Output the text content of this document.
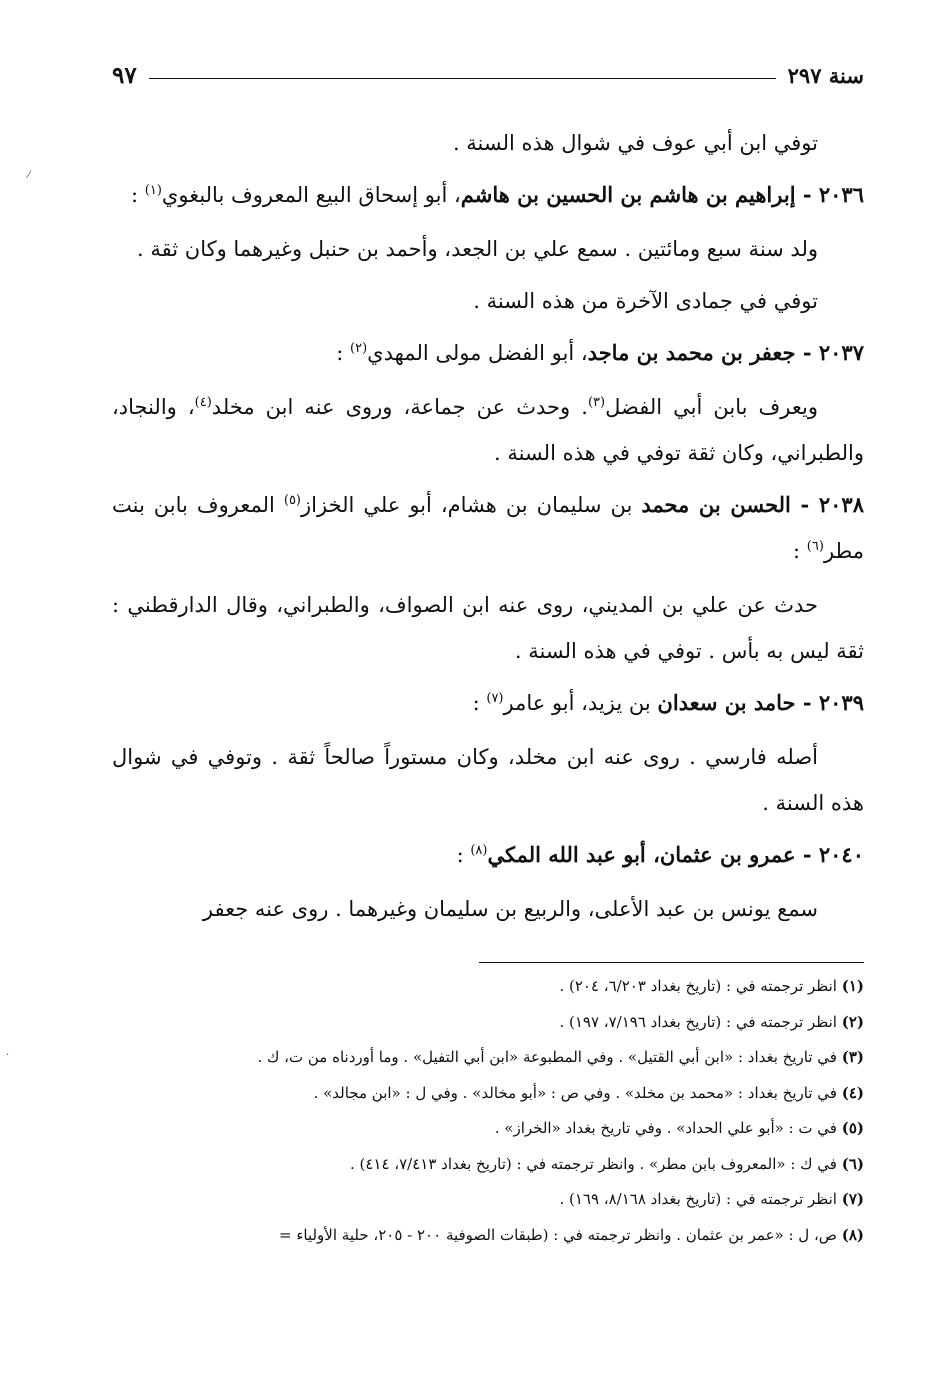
سنة ٢٩٧
٩٧

توفي ابن أبي عوف في شوال هذه السنة .

٢٠٣٦ - إبراهيم بن هاشم بن الحسين بن هاشم، أبو إسحاق البيع المعروف بالبغوي$^{(١)}$ :

ولد سنة سبع ومائتين . سمع علي بن الجعد، وأحمد بن حنبل وغيرهما وكان ثقة .

توفي في جمادى الآخرة من هذه السنة .

٢٠٣٧ - جعفر بن محمد بن ماجد، أبو الفضل مولى المهدي$^{(٢)}$ :

ويعرف بابن أبي الفضل$^{(٣)}$. وحدث عن جماعة، وروى عنه ابن مخلد$^{(٤)}$، والنجاد، والطبراني، وكان ثقة توفي في هذه السنة .

٢٠٣٨ - الحسن بن محمد بن سليمان بن هشام، أبو علي الخزاز$^{(٥)}$ المعروف بابن بنت مطر$^{(٦)}$ :

حدث عن علي بن المديني، روى عنه ابن الصواف، والطبراني، وقال الدارقطني : ثقة ليس به بأس . توفي في هذه السنة .

٢٠٣٩ - حامد بن سعدان بن يزيد، أبو عامر$^{(٧)}$ :

أصله فارسي . روى عنه ابن مخلد، وكان مستوراً صالحاً ثقة . وتوفي في شوال هذه السنة .

٢٠٤٠ - عمرو بن عثمان، أبو عبد الله المكي$^{(٨)}$ :

سمع يونس بن عبد الأعلى، والربيع بن سليمان وغيرهما . روى عنه جعفر

(١) انظر ترجمته في : (تاريخ بغداد ٦/٢٠٣، ٢٠٤) .
(٢) انظر ترجمته في : (تاريخ بغداد ٧/١٩٦، ١٩٧) .
(٣) في تاريخ بغداد : «ابن أبي القتيل» . وفي المطبوعة «ابن أبي التفيل» . وما أوردناه من ت، ك .
(٤) في تاريخ بغداد : «محمد بن مخلد» . وفي ص : «أبو مخالد» . وفي ل : «ابن مجالد» .
(٥) في ت : «أبو علي الحداد» . وفي تاريخ بغداد «الخراز» .
(٦) في ك : «المعروف بابن مطر» . وانظر ترجمته في : (تاريخ بغداد ٧/٤١٣، ٤١٤) .
(٧) انظر ترجمته في : (تاريخ بغداد ٨/١٦٨، ١٦٩) .
(٨) ص، ل : «عمر بن عثمان . وانظر ترجمته في : (طبقات الصوفية ٢٠٠ - ٢٠٥، حلية الأولياء =
⁄
·
